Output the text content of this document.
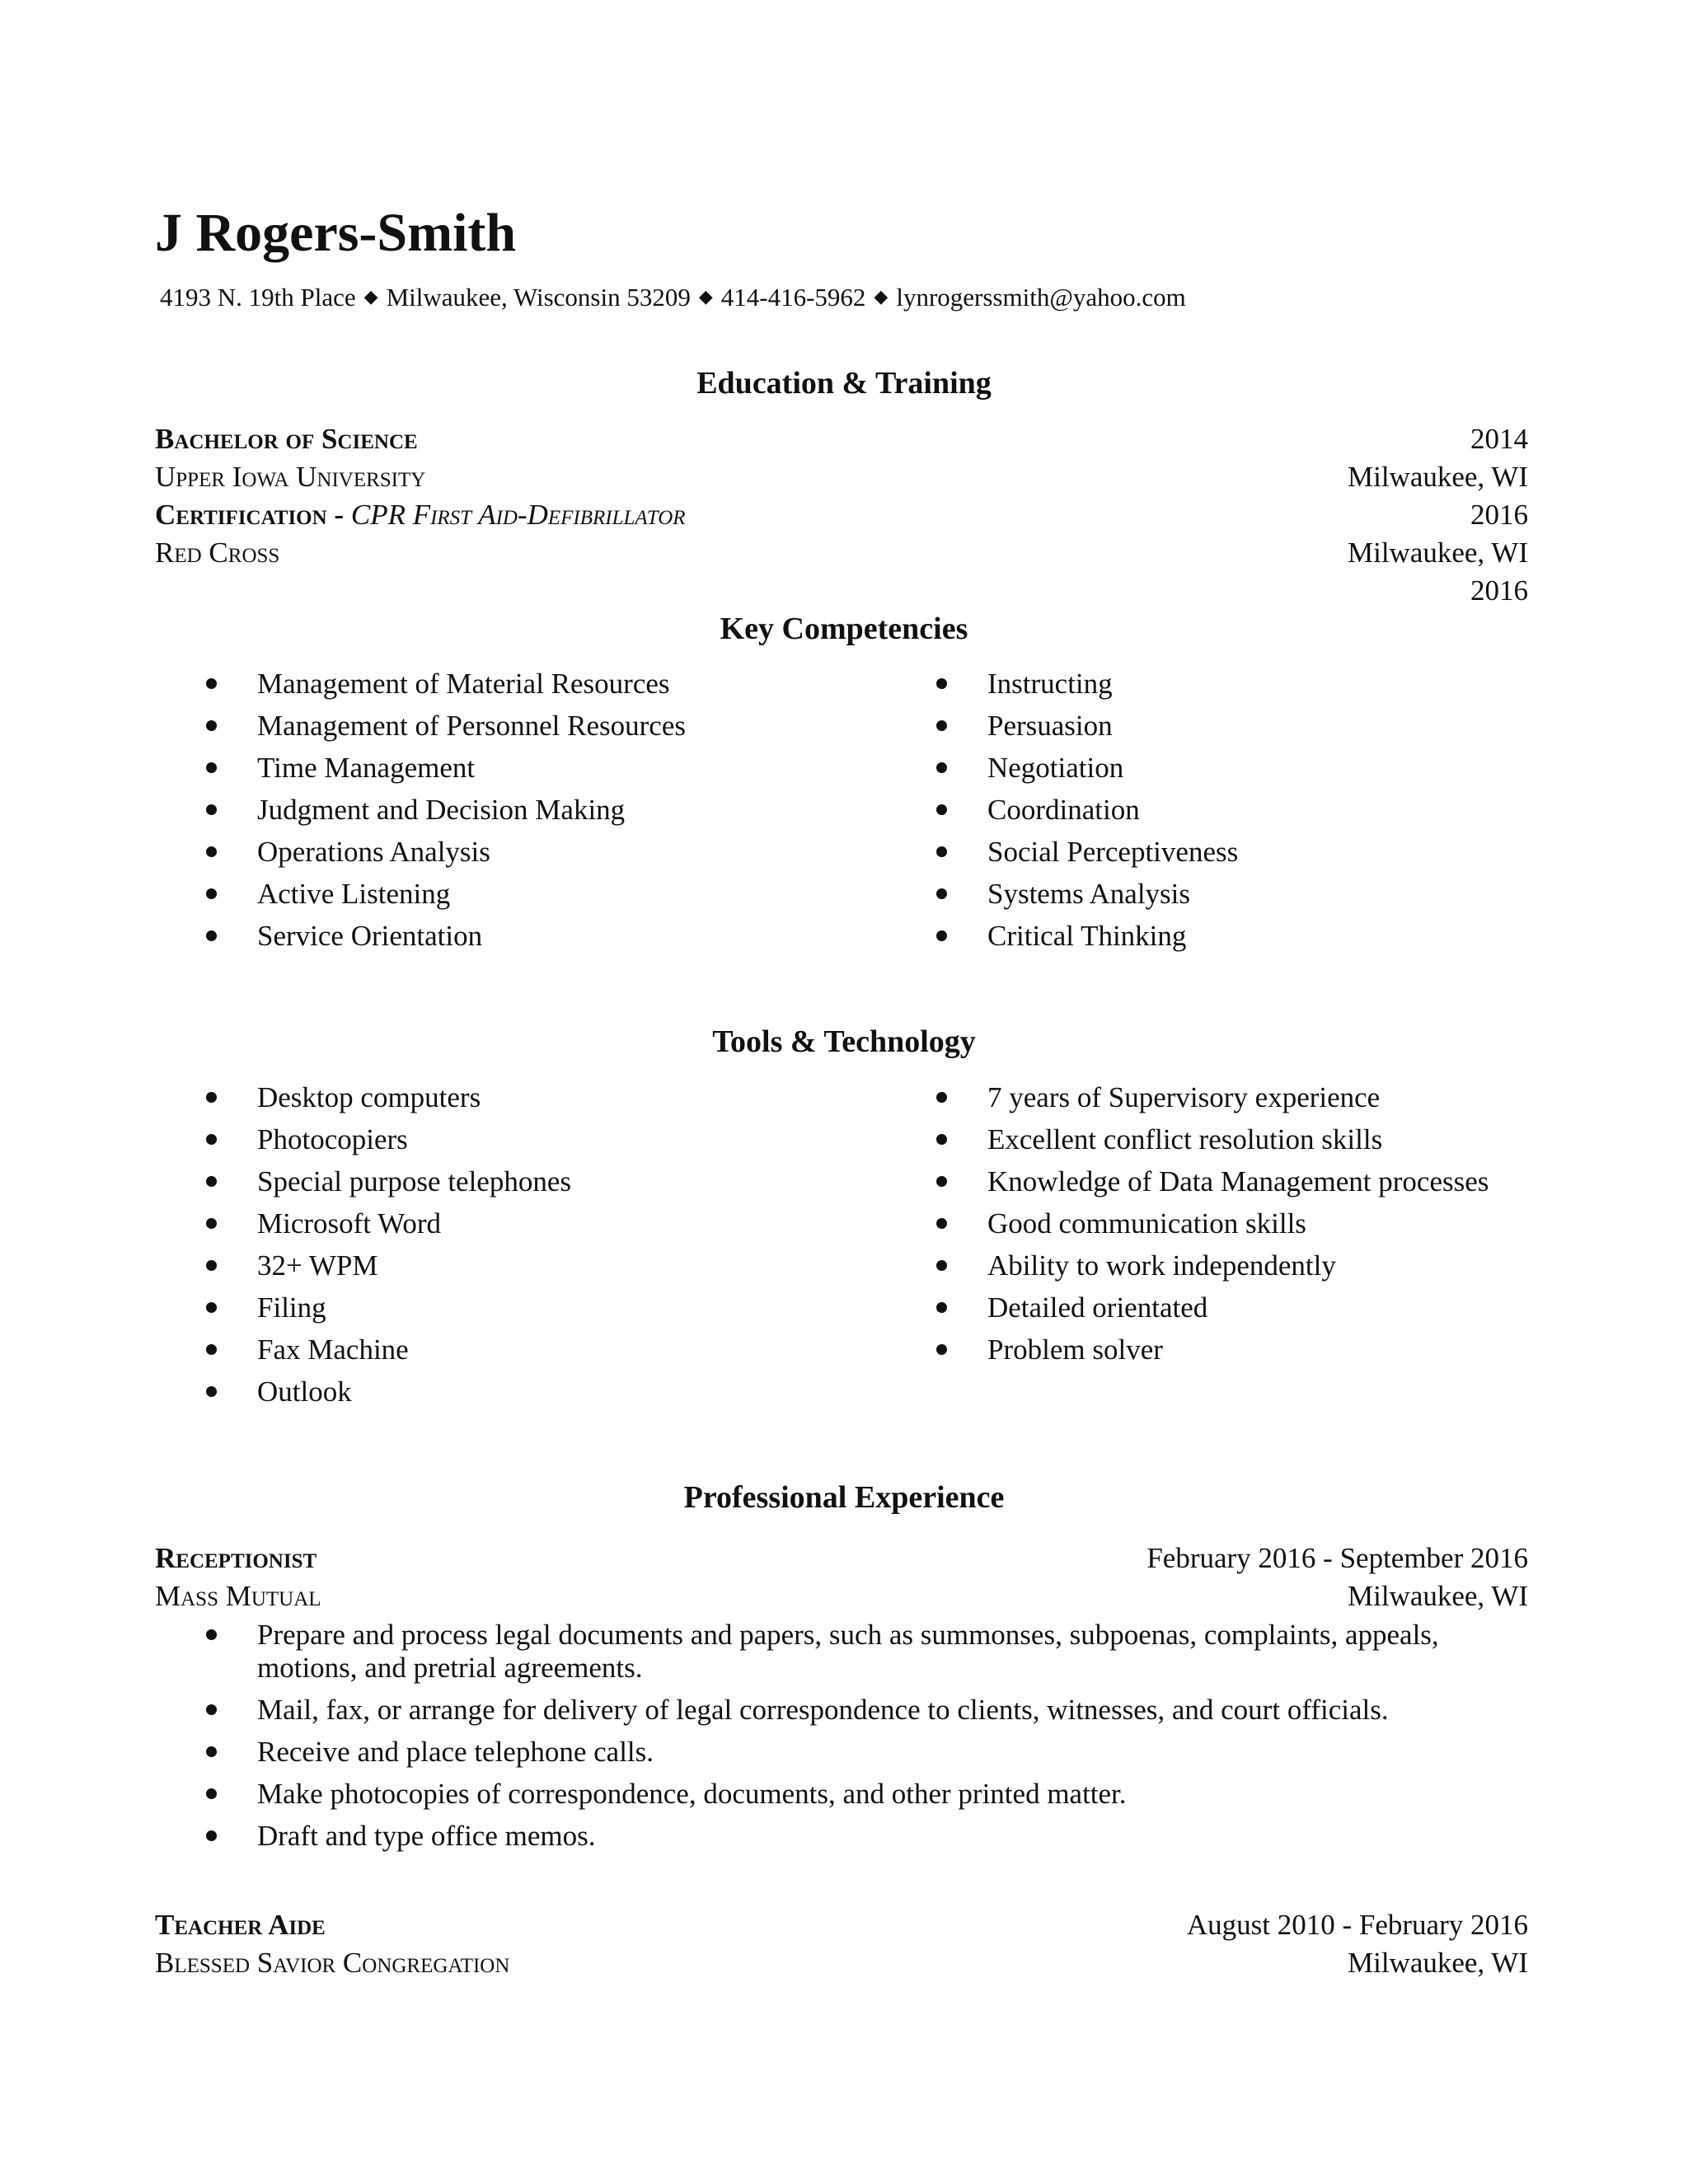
J Rogers-Smith
4193 N. 19th Place ◆ Milwaukee, Wisconsin 53209 ◆ 414-416-5962 ◆ lynrogerssmith@yahoo.com
Education & Training
Bachelor of Science	2014
Upper Iowa University	Milwaukee, WI
Certification - CPR First Aid-Defibrillator	2016
Red Cross	Milwaukee, WI
2016
Key Competencies
Management of Material Resources
Management of Personnel Resources
Time Management
Judgment and Decision Making
Operations Analysis
Active Listening
Service Orientation
Instructing
Persuasion
Negotiation
Coordination
Social Perceptiveness
Systems Analysis
Critical Thinking
Tools & Technology
Desktop computers
Photocopiers
Special purpose telephones
Microsoft Word
32+ WPM
Filing
Fax Machine
Outlook
7 years of Supervisory experience
Excellent conflict resolution skills
Knowledge of Data Management processes
Good communication skills
Ability to work independently
Detailed orientated
Problem solver
Professional Experience
Receptionist	February 2016 - September 2016
Mass Mutual	Milwaukee, WI
Prepare and process legal documents and papers, such as summonses, subpoenas, complaints, appeals, motions, and pretrial agreements.
Mail, fax, or arrange for delivery of legal correspondence to clients, witnesses, and court officials.
Receive and place telephone calls.
Make photocopies of correspondence, documents, and other printed matter.
Draft and type office memos.
Teacher Aide	August 2010 - February 2016
Blessed Savior Congregation	Milwaukee, WI
